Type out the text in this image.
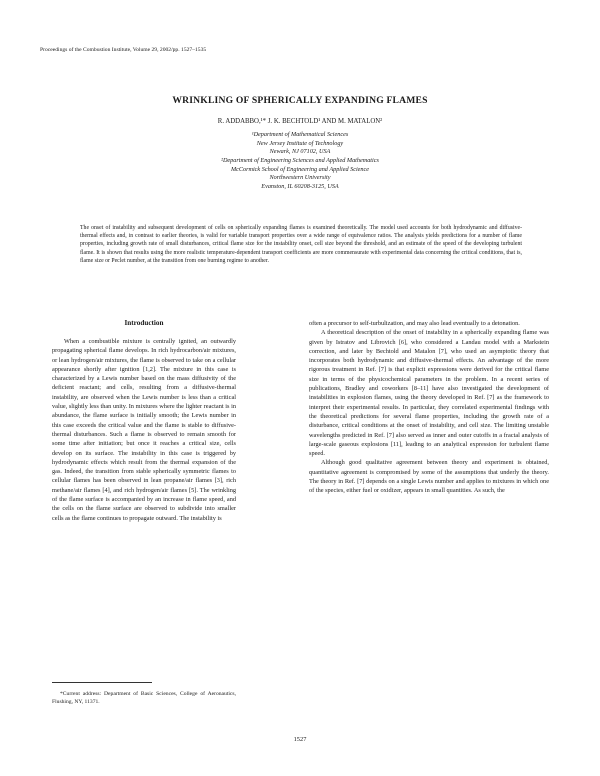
Proceedings of the Combustion Institute, Volume 29, 2002/pp. 1527–1535
WRINKLING OF SPHERICALLY EXPANDING FLAMES
R. ADDABBO,¹* J. K. BECHTOLD¹ AND M. MATALON²
¹Department of Mathematical Sciences
New Jersey Institute of Technology
Newark, NJ 07102, USA
²Department of Engineering Sciences and Applied Mathematics
McCormick School of Engineering and Applied Science
Northwestern University
Evanston, IL 60208-3125, USA
The onset of instability and subsequent development of cells on spherically expanding flames is examined theoretically. The model used accounts for both hydrodynamic and diffusive-thermal effects and, in contrast to earlier theories, is valid for variable transport properties over a wide range of equivalence ratios. The analysis yields predictions for a number of flame properties, including growth rate of small disturbances, critical flame size for the instability onset, cell size beyond the threshold, and an estimate of the speed of the developing turbulent flame. It is shown that results using the more realistic temperature-dependent transport coefficients are more commensurate with experimental data concerning the critical conditions, that is, flame size or Peclet number, at the transition from one burning regime to another.
Introduction

When a combustible mixture is centrally ignited, an outwardly propagating spherical flame develops. In rich hydrocarbon/air mixtures, or lean hydrogen/air mixtures, the flame is observed to take on a cellular appearance shortly after ignition [1,2]. The mixture in this case is characterized by a Lewis number based on the mass diffusivity of the deficient reactant; and cells, resulting from a diffusive-thermal instability, are observed when the Lewis number is less than a critical value, slightly less than unity. In mixtures where the lighter reactant is in abundance, the flame surface is initially smooth; the Lewis number in this case exceeds the critical value and the flame is stable to diffusive-thermal disturbances. Such a flame is observed to remain smooth for some time after initiation; but once it reaches a critical size, cells develop on its surface. The instability in this case is triggered by hydrodynamic effects which result from the thermal expansion of the gas. Indeed, the transition from stable spherically symmetric flames to cellular flames has been observed in lean propane/air flames [3], rich methane/air flames [4], and rich hydrogen/air flames [5]. The wrinkling of the flame surface is accompanied by an increase in flame speed, and the cells on the flame surface are observed to subdivide into smaller cells as the flame continues to propagate outward. The instability is

often a precursor to self-turbulization, and may also lead eventually to a detonation.

A theoretical description of the onset of instability in a spherically expanding flame was given by Istratov and Librovich [6], who considered a Landau model with a Markstein correction, and later by Bechtold and Matalon [7], who used an asymptotic theory that incorporates both hydrodynamic and diffusive-thermal effects. An advantage of the more rigorous treatment in Ref. [7] is that explicit expressions were derived for the critical flame size in terms of the physicochemical parameters in the problem. In a recent series of publications, Bradley and coworkers [8–11] have also investigated the development of instabilities in explosion flames, using the theory developed in Ref. [7] as the framework to interpret their experimental results. In particular, they correlated experimental findings with the theoretical predictions for several flame properties, including the growth rate of a disturbance, critical conditions at the onset of instability, and cell size. The limiting unstable wavelengths predicted in Ref. [7] also served as inner and outer cutoffs in a fractal analysis of large-scale gaseous explosions [11], leading to an analytical expression for turbulent flame speed.

Although good qualitative agreement between theory and experiment is obtained, quantitative agreement is compromised by some of the assumptions that underly the theory. The theory in Ref. [7] depends on a single Lewis number and applies to mixtures in which one of the species, either fuel or oxidizer, appears in small quantities. As such, the

*Current address: Department of Basic Sciences, College of Aeronautics, Flushing, NY, 11371.

1527
